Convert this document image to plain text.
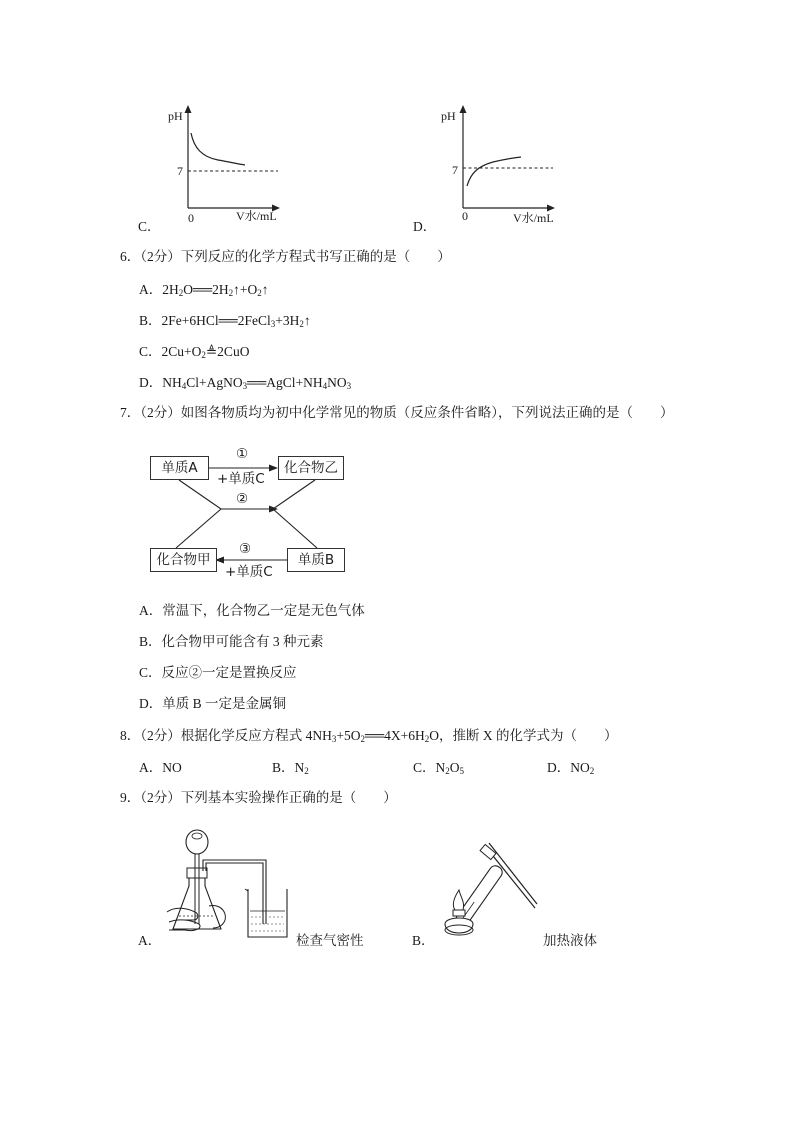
pH
7
0	V水/mL
C．
pH
7
0	V水/mL
D．
6．（2分）下列反应的化学方程式书写正确的是（　　）
A．$2H_2O══2H_2↑+O_2↑$
B．$2Fe+6HCl══2FeCl_3+3H_2↑$
C．$2Cu+O_2≜2CuO$
D．$NH_4Cl+AgNO_3══AgCl+NH_4NO_3$
7．（2分）如图各物质均为初中化学常见的物质（反应条件省略），下列说法正确的是（　　）
单质A	化合物乙
化合物甲	单质B
①
+单质C
②
③
+单质C
A．常温下，化合物乙一定是无色气体
B．化合物甲可能含有 3 种元素
C．反应②一定是置换反应
D．单质 B 一定是金属铜
8．（2分）根据化学反应方程式 $4NH_3+5O_2══4X+6H_2O$，推断 X 的化学式为（　　）
A．NO	B．$N_2$	C．$N_2O_5$	D．$NO_2$
9．（2分）下列基本实验操作正确的是（　　）
A．	检查气密性	B．	加热液体
